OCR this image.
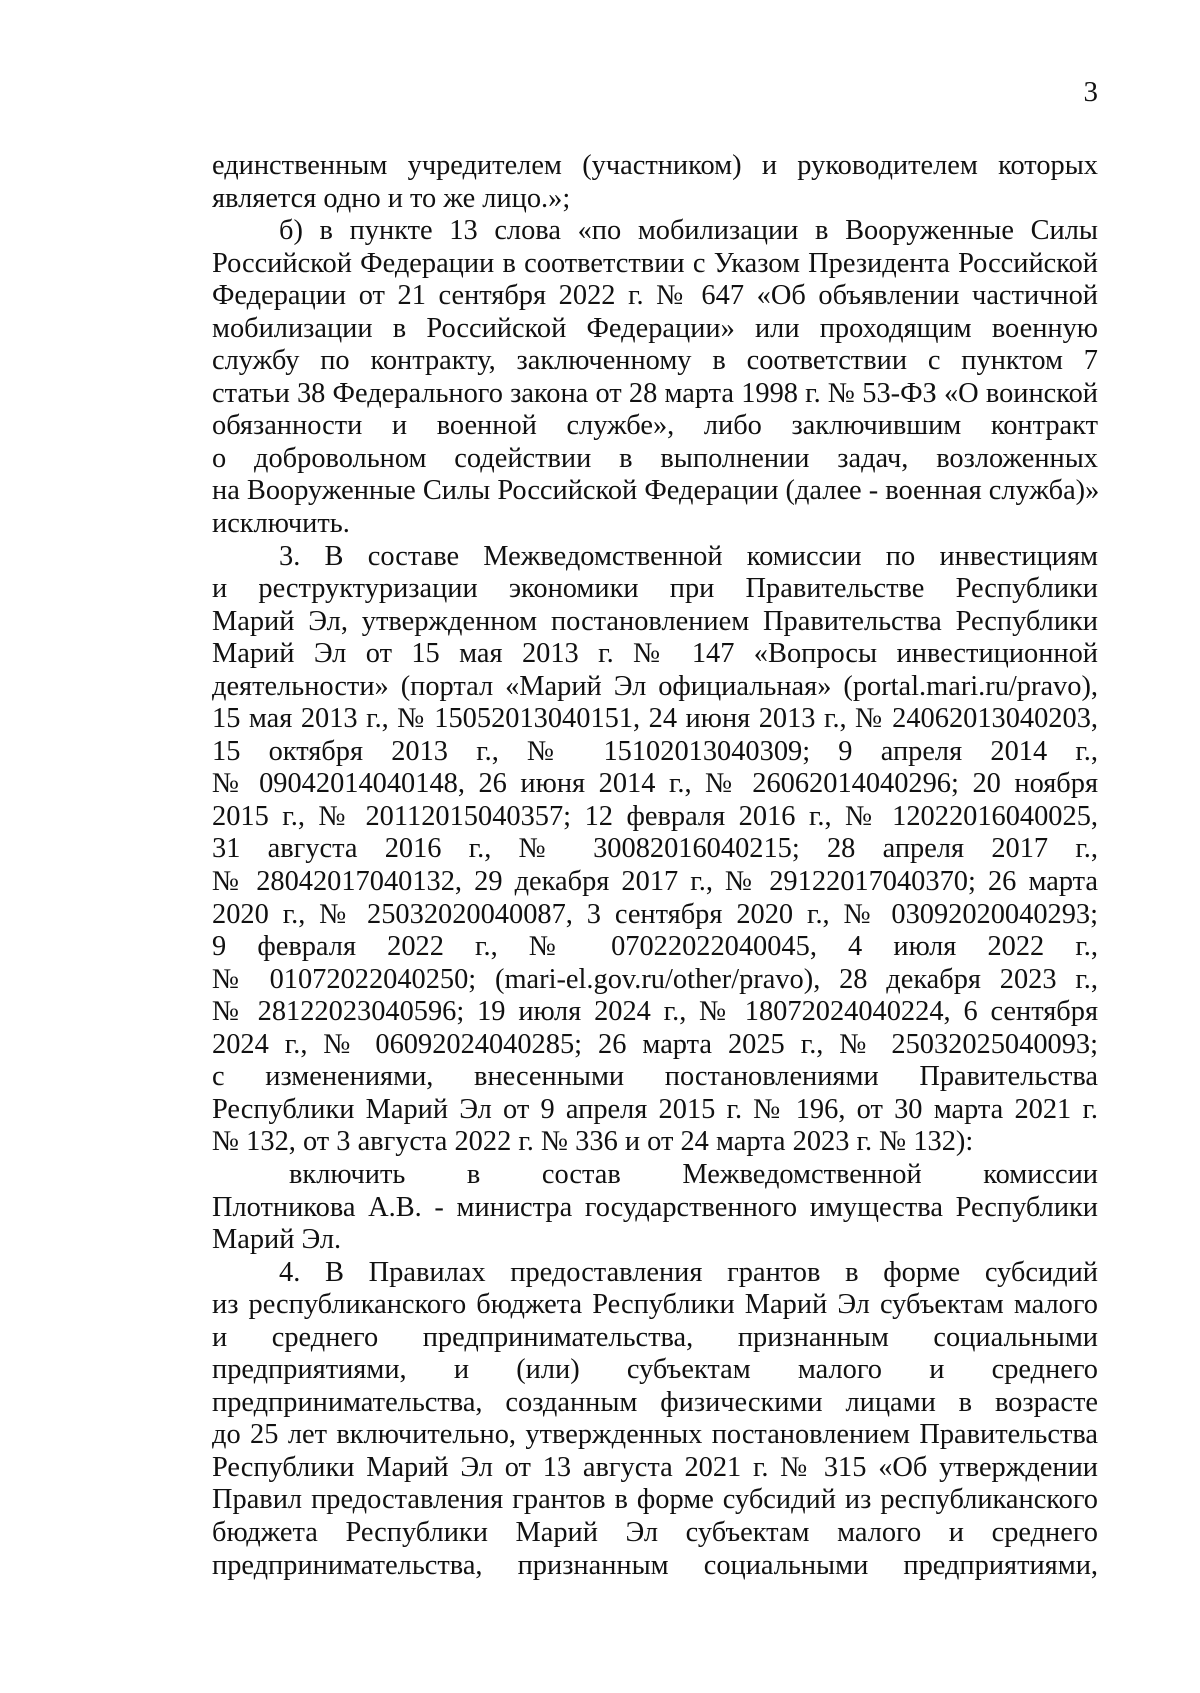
3
единственным учредителем (участником) и руководителем которых
является одно и то же лицо.»;
б) в пункте 13 слова «по мобилизации в Вооруженные Силы
Российской Федерации в соответствии с Указом Президента Российской
Федерации от 21 сентября 2022 г. № 647 «Об объявлении частичной
мобилизации в Российской Федерации» или проходящим военную
службу по контракту, заключенному в соответствии с пунктом 7
статьи 38 Федерального закона от 28 марта 1998 г. № 53-ФЗ «О воинской
обязанности и военной службе», либо заключившим контракт
о добровольном содействии в выполнении задач, возложенных
на Вооруженные Силы Российской Федерации (далее - военная служба)»
исключить.
3. В составе Межведомственной комиссии по инвестициям
и реструктуризации экономики при Правительстве Республики
Марий Эл, утвержденном постановлением Правительства Республики
Марий Эл от 15 мая 2013 г. № 147 «Вопросы инвестиционной
деятельности» (портал «Марий Эл официальная» (portal.mari.ru/pravo),
15 мая 2013 г., № 15052013040151, 24 июня 2013 г., № 24062013040203,
15 октября 2013 г., № 15102013040309; 9 апреля 2014 г.,
№ 09042014040148, 26 июня 2014 г., № 26062014040296; 20 ноября
2015 г., № 20112015040357; 12 февраля 2016 г., № 12022016040025,
31 августа 2016 г., № 30082016040215; 28 апреля 2017 г.,
№ 28042017040132, 29 декабря 2017 г., № 29122017040370; 26 марта
2020 г., № 25032020040087, 3 сентября 2020 г., № 03092020040293;
9 февраля 2022 г., № 07022022040045, 4 июля 2022 г.,
№ 01072022040250; (mari-el.gov.ru/other/pravo), 28 декабря 2023 г.,
№ 28122023040596; 19 июля 2024 г., № 18072024040224, 6 сентября
2024 г., № 06092024040285; 26 марта 2025 г., № 25032025040093;
с изменениями, внесенными постановлениями Правительства
Республики Марий Эл от 9 апреля 2015 г. № 196, от 30 марта 2021 г.
№ 132, от 3 августа 2022 г. № 336 и от 24 марта 2023 г. № 132):
включить в состав Межведомственной комиссии
Плотникова А.В. - министра государственного имущества Республики
Марий Эл.
4. В Правилах предоставления грантов в форме субсидий
из республиканского бюджета Республики Марий Эл субъектам малого
и среднего предпринимательства, признанным социальными
предприятиями, и (или) субъектам малого и среднего
предпринимательства, созданным физическими лицами в возрасте
до 25 лет включительно, утвержденных постановлением Правительства
Республики Марий Эл от 13 августа 2021 г. № 315 «Об утверждении
Правил предоставления грантов в форме субсидий из республиканского
бюджета Республики Марий Эл субъектам малого и среднего
предпринимательства, признанным социальными предприятиями,
